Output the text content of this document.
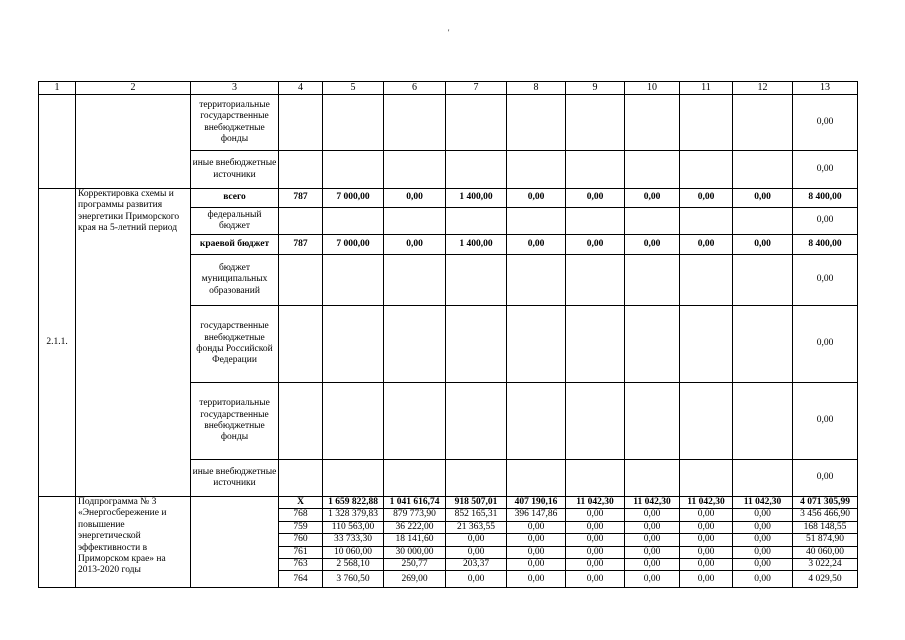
'
1	2	3	4	5	6	7	8	9	10	11	12	13
		территориальные государственные внебюджетные фонды										0,00
		иные внебюджетные источники										0,00
2.1.1.	Корректировка схемы и программы развития энергетики Приморского края на 5-летний период	всего	787	7 000,00	0,00	1 400,00	0,00	0,00	0,00	0,00	0,00	8 400,00
		федеральный бюджет										0,00
		краевой бюджет	787	7 000,00	0,00	1 400,00	0,00	0,00	0,00	0,00	0,00	8 400,00
		бюджет муниципальных образований										0,00
		государственные внебюджетные фонды Российской Федерации										0,00
		территориальные государственные внебюджетные фонды										0,00
		иные внебюджетные источники										0,00
	Подпрограмма № 3 «Энергосбережение и повышение энергетической эффективности в Приморском крае» на 2013-2020 годы		X	1 659 822,88	1 041 616,74	918 507,01	407 190,16	11 042,30	11 042,30	11 042,30	11 042,30	4 071 305,99
			768	1 328 379,83	879 773,90	852 165,31	396 147,86	0,00	0,00	0,00	0,00	3 456 466,90
			759	110 563,00	36 222,00	21 363,55	0,00	0,00	0,00	0,00	0,00	168 148,55
			760	33 733,30	18 141,60	0,00	0,00	0,00	0,00	0,00	0,00	51 874,90
			761	10 060,00	30 000,00	0,00	0,00	0,00	0,00	0,00	0,00	40 060,00
			763	2 568,10	250,77	203,37	0,00	0,00	0,00	0,00	0,00	3 022,24
			764	3 760,50	269,00	0,00	0,00	0,00	0,00	0,00	0,00	4 029,50
